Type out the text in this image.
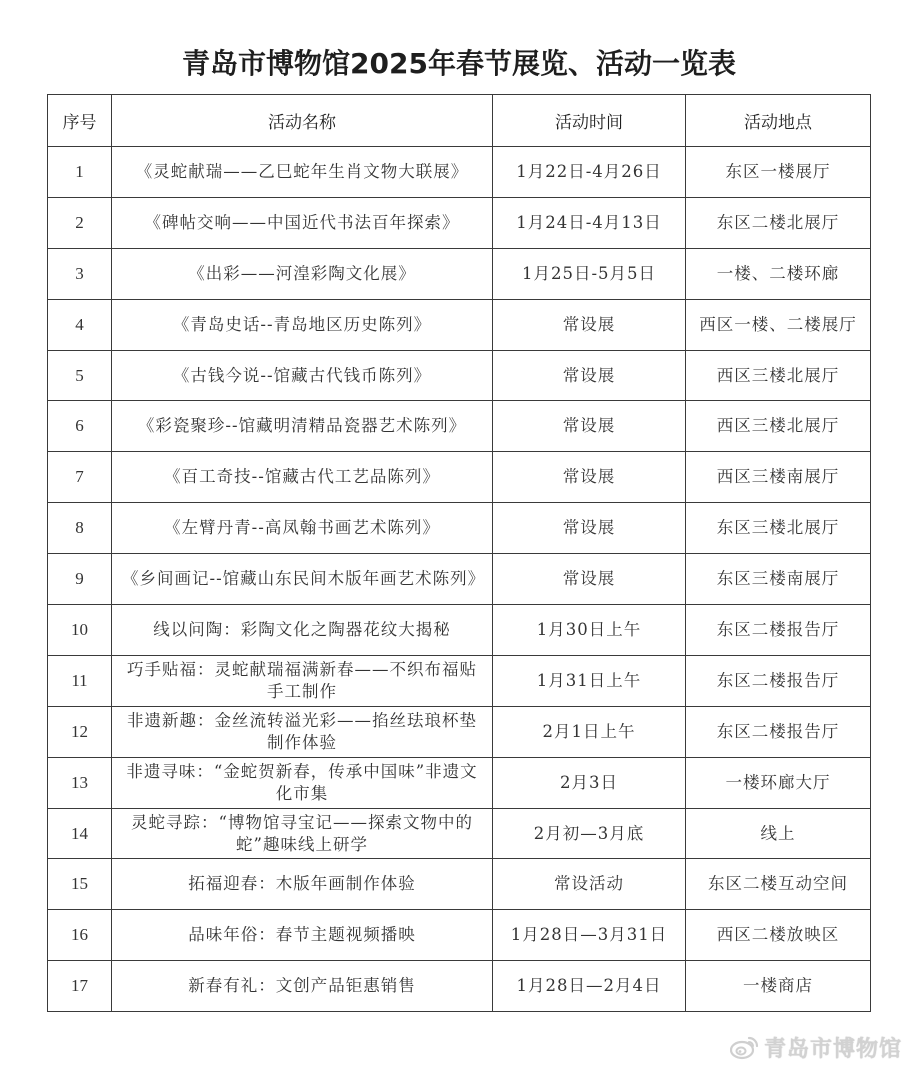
青岛市博物馆2025年春节展览、活动一览表
序号	活动名称	活动时间	活动地点
1	《灵蛇献瑞——乙巳蛇年生肖文物大联展》	1月22日-4月26日	东区一楼展厅
2	《碑帖交响——中国近代书法百年探索》	1月24日-4月13日	东区二楼北展厅
3	《出彩——河湟彩陶文化展》	1月25日-5月5日	一楼、二楼环廊
4	《青岛史话--青岛地区历史陈列》	常设展	西区一楼、二楼展厅
5	《古钱今说--馆藏古代钱币陈列》	常设展	西区三楼北展厅
6	《彩瓷聚珍--馆藏明清精品瓷器艺术陈列》	常设展	西区三楼北展厅
7	《百工奇技--馆藏古代工艺品陈列》	常设展	西区三楼南展厅
8	《左臂丹青--高凤翰书画艺术陈列》	常设展	东区三楼北展厅
9	《乡间画记--馆藏山东民间木版年画艺术陈列》	常设展	东区三楼南展厅
10	线以问陶：彩陶文化之陶器花纹大揭秘	1月30日上午	东区二楼报告厅
11	巧手贴福：灵蛇献瑞福满新春——不织布福贴手工制作	1月31日上午	东区二楼报告厅
12	非遗新趣：金丝流转溢光彩——掐丝珐琅杯垫制作体验	2月1日上午	东区二楼报告厅
13	非遗寻味：“金蛇贺新春，传承中国味”非遗文化市集	2月3日	一楼环廊大厅
14	灵蛇寻踪：“博物馆寻宝记——探索文物中的蛇”趣味线上研学	2月初—3月底	线上
15	拓福迎春：木版年画制作体验	常设活动	东区二楼互动空间
16	品味年俗：春节主题视频播映	1月28日—3月31日	西区二楼放映区
17	新春有礼：文创产品钜惠销售	1月28日—2月4日	一楼商店
青岛市博物馆
